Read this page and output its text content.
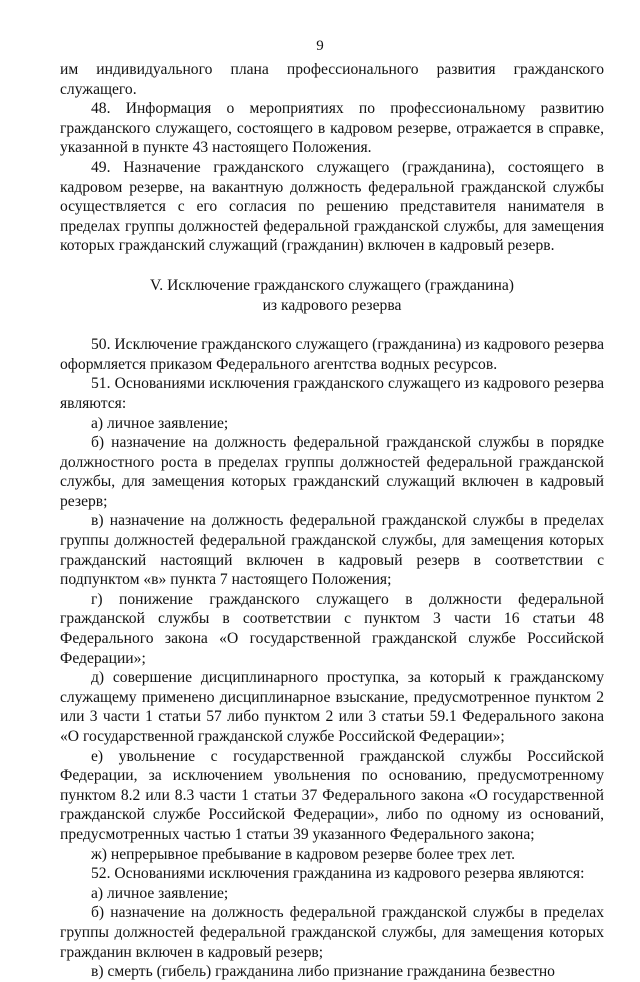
9

им индивидуального плана профессионального развития гражданского служащего.

48. Информация о мероприятиях по профессиональному развитию гражданского служащего, состоящего в кадровом резерве, отражается в справке, указанной в пункте 43 настоящего Положения.

49. Назначение гражданского служащего (гражданина), состоящего в кадровом резерве, на вакантную должность федеральной гражданской службы осуществляется с его согласия по решению представителя нанимателя в пределах группы должностей федеральной гражданской службы, для замещения которых гражданский служащий (гражданин) включен в кадровый резерв.

V. Исключение гражданского служащего (гражданина)

из кадрового резерва

50. Исключение гражданского служащего (гражданина) из кадрового резерва оформляется приказом Федерального агентства водных ресурсов.

51. Основаниями исключения гражданского служащего из кадрового резерва являются:

а) личное заявление;

б) назначение на должность федеральной гражданской службы в порядке должностного роста в пределах группы должностей федеральной гражданской службы, для замещения которых гражданский служащий включен в кадровый резерв;

в) назначение на должность федеральной гражданской службы в пределах группы должностей федеральной гражданской службы, для замещения которых гражданский настоящий включен в кадровый резерв в соответствии с подпунктом «в» пункта 7 настоящего Положения;

г) понижение гражданского служащего в должности федеральной гражданской службы в соответствии с пунктом 3 части 16 статьи 48 Федерального закона «О государственной гражданской службе Российской Федерации»;

д) совершение дисциплинарного проступка, за который к гражданскому служащему применено дисциплинарное взыскание, предусмотренное пунктом 2 или 3 части 1 статьи 57 либо пунктом 2 или 3 статьи 59.1 Федерального закона «О государственной гражданской службе Российской Федерации»;

е) увольнение с государственной гражданской службы Российской Федерации, за исключением увольнения по основанию, предусмотренному пунктом 8.2 или 8.3 части 1 статьи 37 Федерального закона «О государственной гражданской службе Российской Федерации», либо по одному из оснований, предусмотренных частью 1 статьи 39 указанного Федерального закона;

ж) непрерывное пребывание в кадровом резерве более трех лет.

52. Основаниями исключения гражданина из кадрового резерва являются:

а) личное заявление;

б) назначение на должность федеральной гражданской службы в пределах группы должностей федеральной гражданской службы, для замещения которых гражданин включен в кадровый резерв;

в) смерть (гибель) гражданина либо признание гражданина безвестно
